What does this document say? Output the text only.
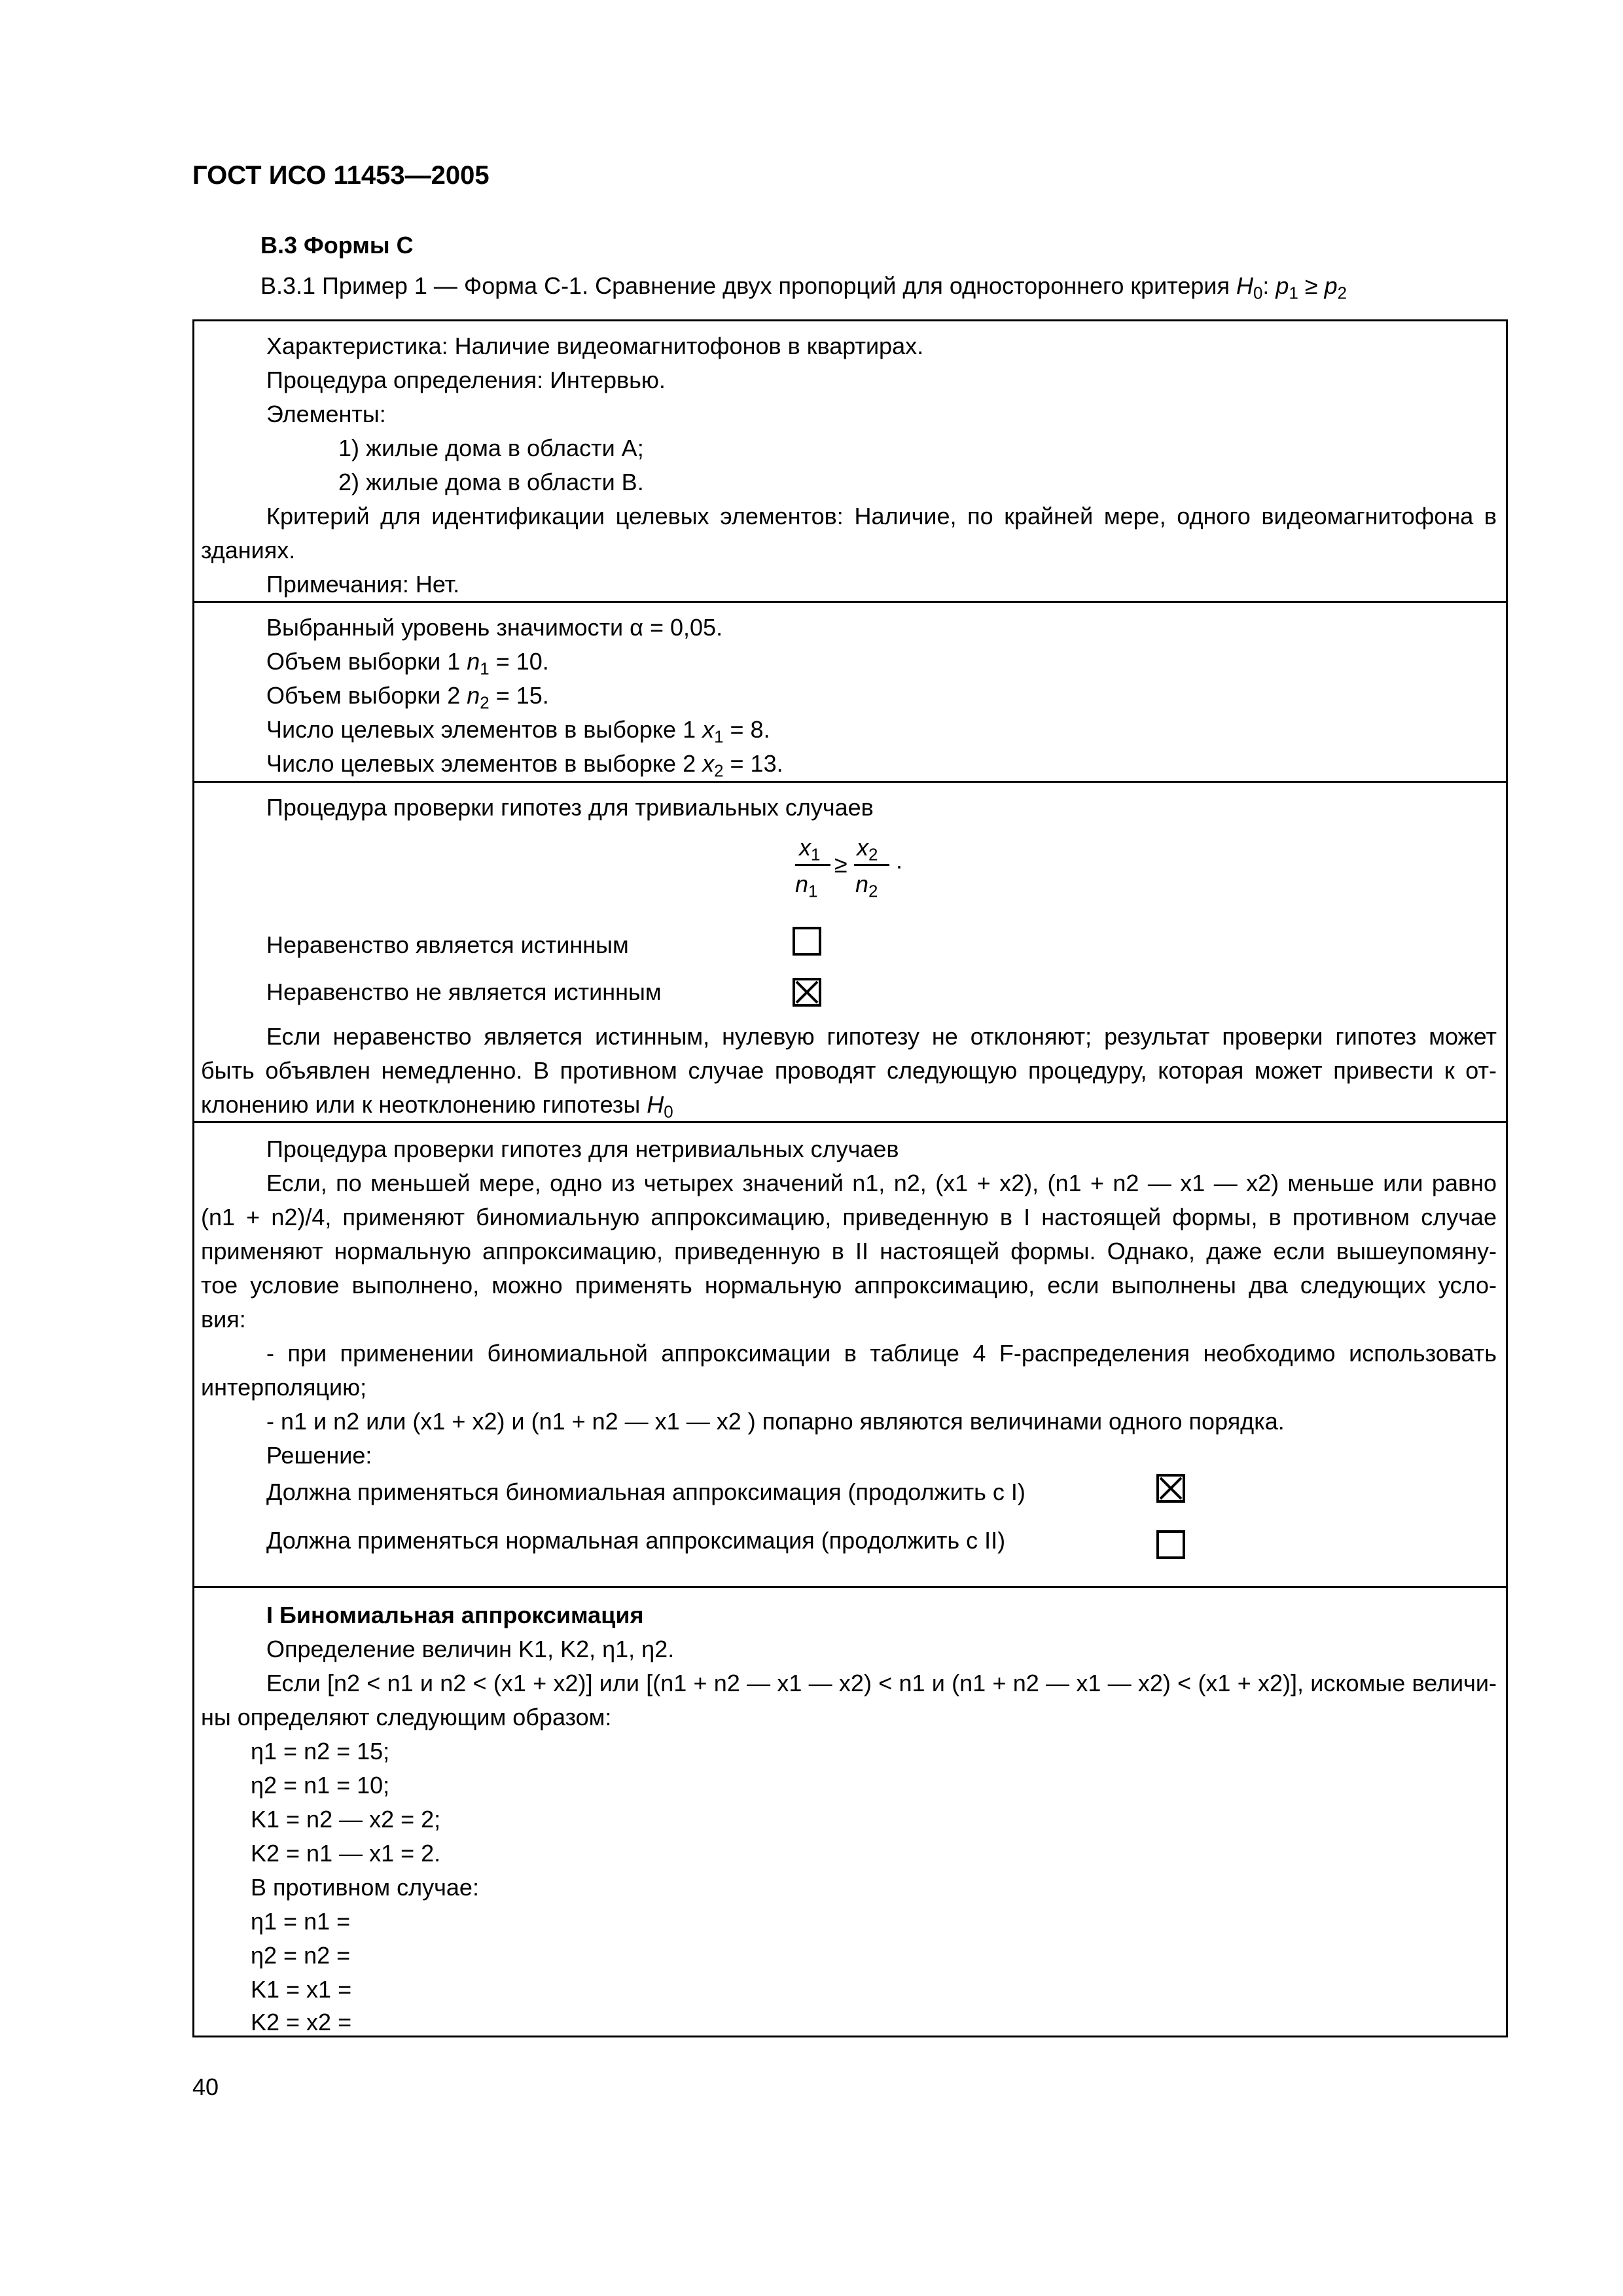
ГОСТ ИСО 11453—2005
В.3 Формы С
В.3.1 Пример 1 — Форма С-1. Сравнение двух пропорций для одностороннего критерия $H_0$: $p_1 \ge p_2$
Характеристика: Наличие видеомагнитофонов в квартирах.
Процедура определения: Интервью.
Элементы:
1) жилые дома в области А;
2) жилые дома в области В.
Критерий для идентификации целевых элементов: Наличие, по крайней мере, одного видеомагнитофона в
зданиях.
Примечания: Нет.
Выбранный уровень значимости α = 0,05.
Объем выборки 1 $n_1 = 10$.
Объем выборки 2 $n_2 = 15$.
Число целевых элементов в выборке 1 $x_1 = 8$.
Число целевых элементов в выборке 2 $x_2 = 13$.
Процедура проверки гипотез для тривиальных случаев
$x_1$
$n_1$
≥
$x_2$
$n_2$
.
Неравенство является истинным
Неравенство не является истинным
Если неравенство является истинным, нулевую гипотезу не отклоняют; результат проверки гипотез может
быть объявлен немедленно. В противном случае проводят следующую процедуру, которая может привести к от-
клонению или к неотклонению гипотезы $H_0$
Процедура проверки гипотез для нетривиальных случаев
Если, по меньшей мере, одно из четырех значений n1, n2, (x1 + x2), (n1 + n2 — x1 — x2) меньше или равно
(n1 + n2)/4, применяют биномиальную аппроксимацию, приведенную в I настоящей формы, в противном случае
применяют нормальную аппроксимацию, приведенную в II настоящей формы. Однако, даже если вышеупомяну-
тое условие выполнено, можно применять нормальную аппроксимацию, если выполнены два следующих усло-
вия:
- при применении биномиальной аппроксимации в таблице 4 F-распределения необходимо использовать
интерполяцию;
- n1 и n2 или (x1 + x2) и (n1 + n2 — x1 — x2 ) попарно являются величинами одного порядка.
Решение:
Должна применяться биномиальная аппроксимация (продолжить с I)
Должна применяться нормальная аппроксимация (продолжить с II)
I Биномиальная аппроксимация
Определение величин K1, K2, η1, η2.
Если [n2 < n1 и n2 < (x1 + x2)] или [(n1 + n2 — x1 — x2) < n1 и (n1 + n2 — x1 — x2) < (x1 + x2)], искомые величи-
ны определяют следующим образом:
η1 = n2 = 15;
η2 = n1 = 10;
K1 = n2 — x2 = 2;
K2 = n1 — x1 = 2.
В противном случае:
η1 = n1 =
η2 = n2 =
K1 = x1 =
K2 = x2 =
40
